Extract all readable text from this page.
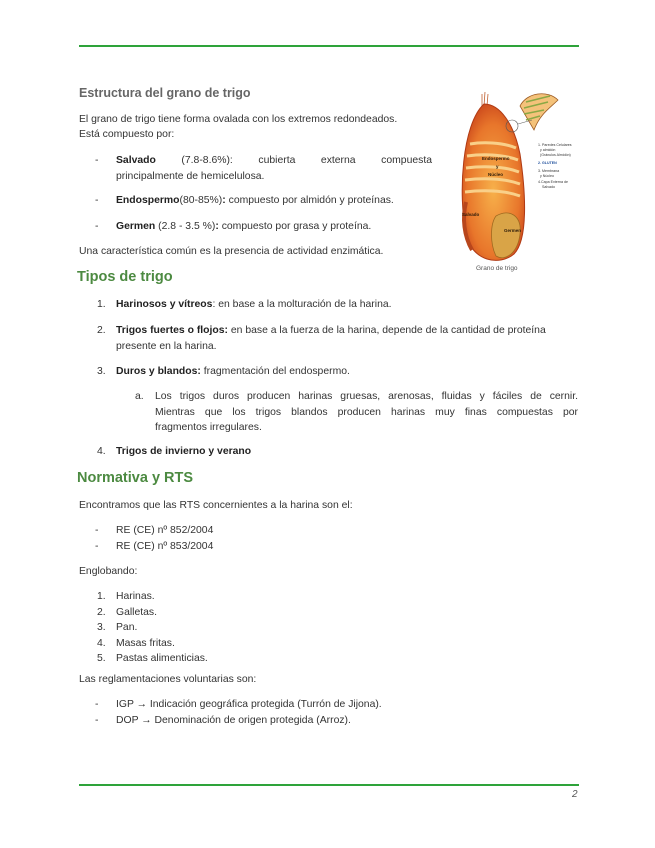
Estructura del grano de trigo
El grano de trigo tiene forma ovalada con los extremos redondeados.
Está compuesto por:
- Salvado (7.8-8.6%): cubierta externa compuesta
principalmente de hemicelulosa.
- Endospermo(80-85%): compuesto por almidón y proteínas.
- Germen (2.8 - 3.5 %): compuesto por grasa y proteína.
Una característica común es la presencia de actividad enzimática.
Endospermo
y
Núcleo
Salvado
Germen
1. Paredes Celulares
y almidón
(Gránulos Almidón)
2. GLUTEN
3. Membrana
y Núcleo
4.Capa Externa de
Salvado
Grano de trigo
Tipos de trigo
1. Harinosos y vítreos: en base a la molturación de la harina.
2. Trigos fuertes o flojos: en base a la fuerza de la harina, depende de la cantidad de proteína
presente en la harina.
3. Duros y blandos: fragmentación del endospermo.
a. Los trigos duros producen harinas gruesas, arenosas, fluidas y fáciles de cernir.
Mientras que los trigos blandos producen harinas muy finas compuestas por
fragmentos irregulares.
4. Trigos de invierno y verano
Normativa y RTS
Encontramos que las RTS concernientes a la harina son el:
- RE (CE) nº 852/2004
- RE (CE) nº 853/2004
Englobando:
1. Harinas.
2. Galletas.
3. Pan.
4. Masas fritas.
5. Pastas alimenticias.
Las reglamentaciones voluntarias son:
- IGP → Indicación geográfica protegida (Turrón de Jijona).
- DOP → Denominación de origen protegida (Arroz).
2
